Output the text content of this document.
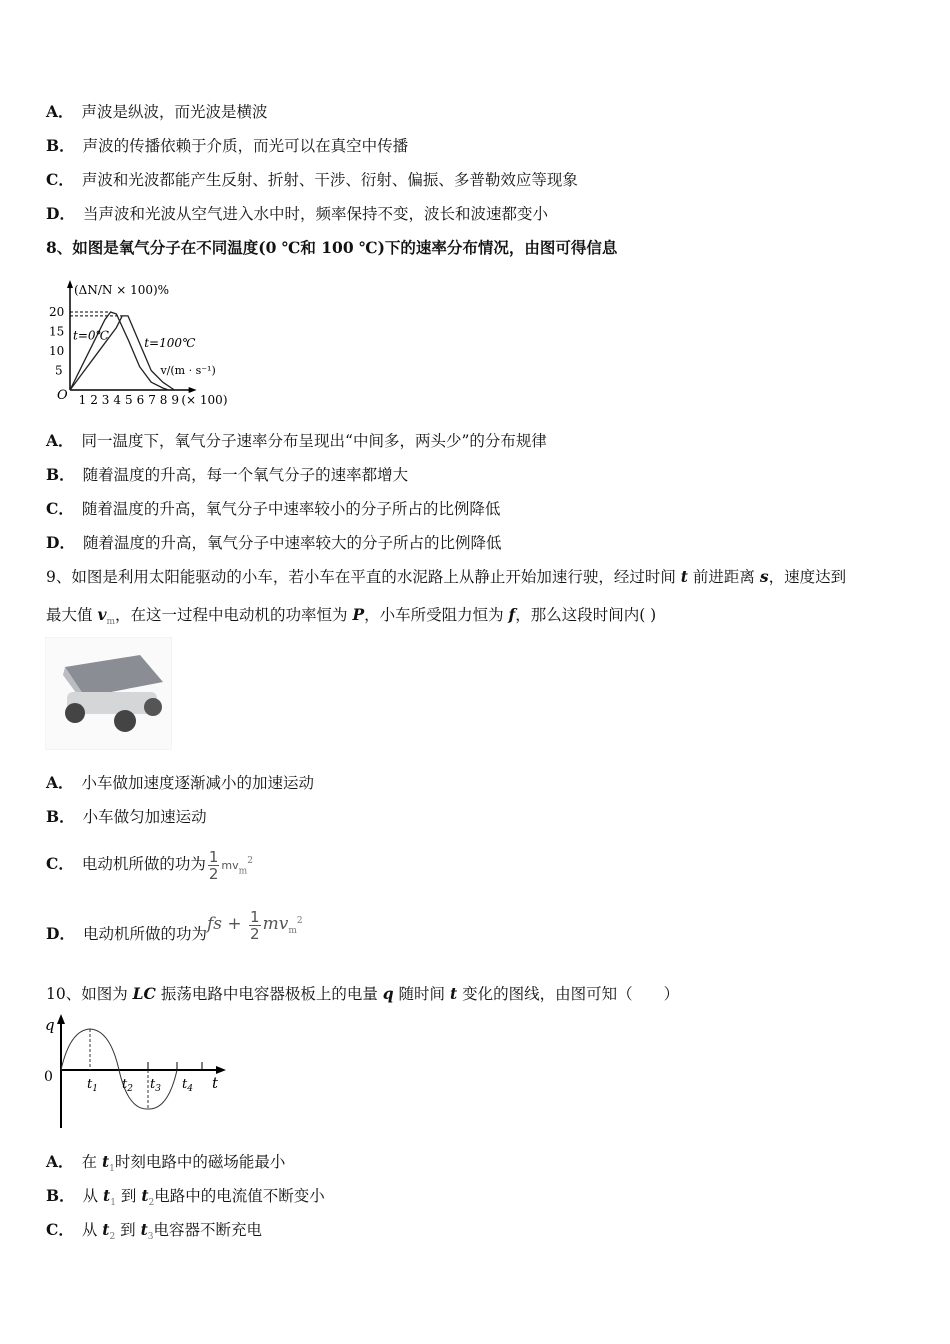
A． 声波是纵波，而光波是横波
B． 声波的传播依赖于介质，而光可以在真空中传播
C． 声波和光波都能产生反射、折射、干涉、衍射、偏振、多普勒效应等现象
D． 当声波和光波从空气进入水中时，频率保持不变，波长和波速都变小
8、如图是氧气分子在不同温度(0 ℃和 100 ℃)下的速率分布情况，由图可得信息
(ΔN/N × 100)%
v/(m · s⁻¹)
O 1 2 3 4 5 6 7 8 9 (× 100)
5
10
15
20
t=0℃
t=100℃
A． 同一温度下，氧气分子速率分布呈现出“中间多，两头少”的分布规律
B． 随着温度的升高，每一个氧气分子的速率都增大
C． 随着温度的升高，氧气分子中速率较小的分子所占的比例降低
D． 随着温度的升高，氧气分子中速率较大的分子所占的比例降低
9、如图是利用太阳能驱动的小车，若小车在平直的水泥路上从静止开始加速行驶，经过时间 t 前进距离 s，速度达到
最大值 $v_m$，在这一过程中电动机的功率恒为 P，小车所受阻力恒为 f，那么这段时间内( )
A． 小车做加速度逐渐减小的加速运动
B． 小车做匀加速运动
C． 电动机所做的功为 $\frac{1}{2} mv_m^2$
D． 电动机所做的功为fs + $\frac{1}{2} mv_m^2$
10、如图为 LC 振荡电路中电容器极板上的电量 q 随时间 t 变化的图线，由图可知（　　）
q
0	t
$t_1$ $t_2$ $t_3$ $t_4$
A． 在 $t_1$时刻电路中的磁场能最小
B． 从 $t_1$ 到 $t_2$电路中的电流值不断变小
C． 从 $t_2$ 到 $t_3$电容器不断充电
